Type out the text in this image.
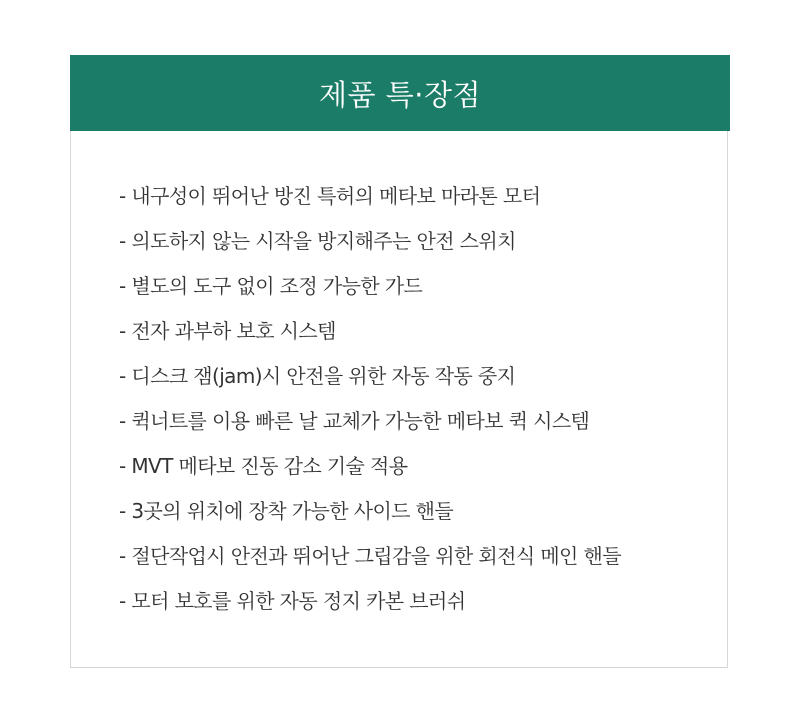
제품 특·장점
- 내구성이 뛰어난 방진 특허의 메타보 마라톤 모터
- 의도하지 않는 시작을 방지해주는 안전 스위치
- 별도의 도구 없이 조정 가능한 가드
- 전자 과부하 보호 시스템
- 디스크 잼(jam)시 안전을 위한 자동 작동 중지
- 퀵너트를 이용 빠른 날 교체가 가능한 메타보 퀵 시스템
- MVT 메타보 진동 감소 기술 적용
- 3곳의 위치에 장착 가능한 사이드 핸들
- 절단작업시 안전과 뛰어난 그립감을 위한 회전식 메인 핸들
- 모터 보호를 위한 자동 정지 카본 브러쉬
